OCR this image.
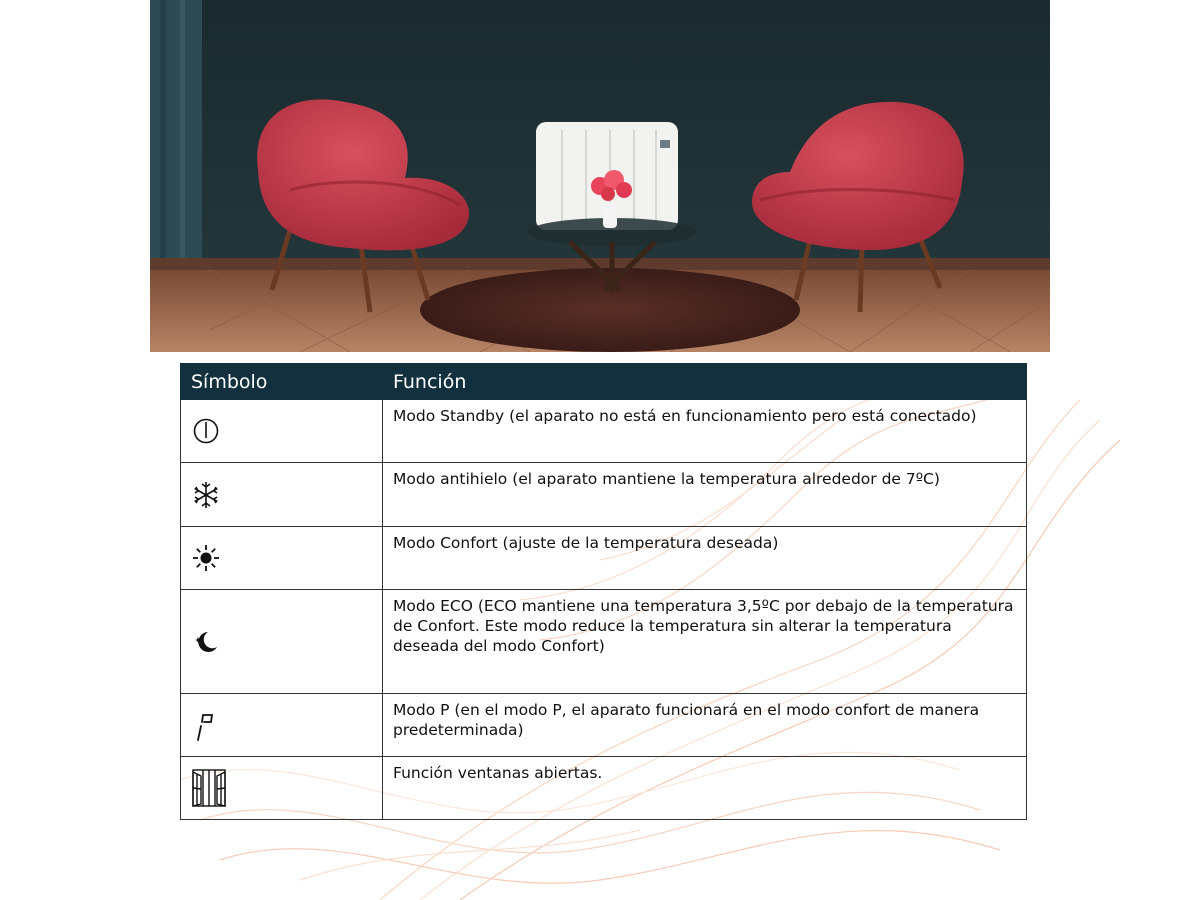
Símbolo	Función

	Modo Standby (el aparato no está en funcionamiento pero está conectado)

	Modo antihielo (el aparato mantiene la temperatura alrededor de 7ºC)

	Modo Confort (ajuste de la temperatura deseada)

	Modo ECO (ECO mantiene una temperatura 3,5ºC por debajo de la temperatura de Confort. Este modo reduce la temperatura sin alterar la temperatura deseada del modo Confort)

	Modo P (en el modo P, el aparato funcionará en el modo confort de manera predeterminada)

	Función ventanas abiertas.
